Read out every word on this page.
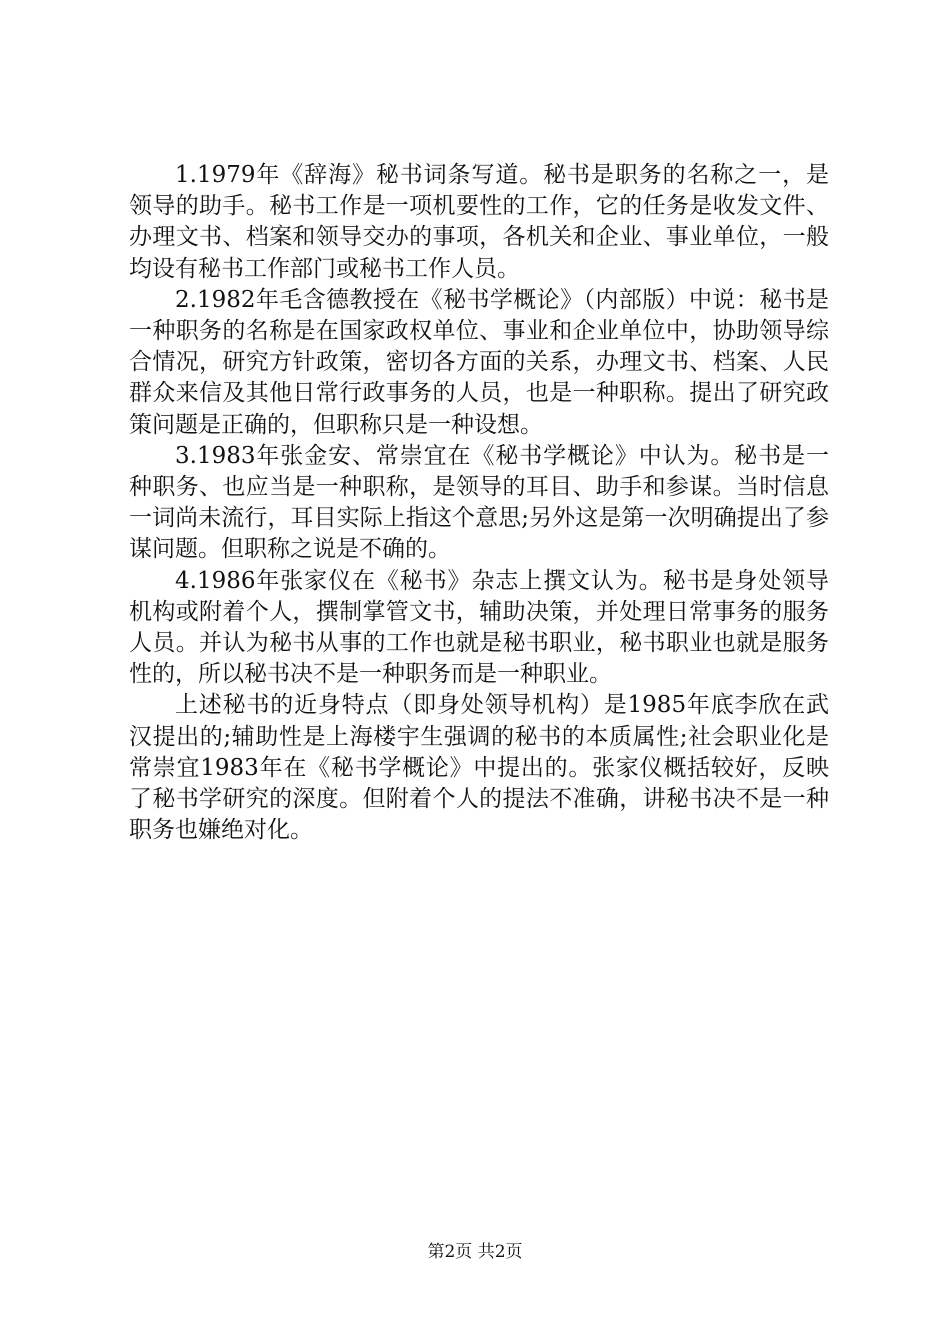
1.1979年《辞海》秘书词条写道。秘书是职务的名称之一，是领导的助手。秘书工作是一项机要性的工作，它的任务是收发文件、办理文书、档案和领导交办的事项，各机关和企业、事业单位，一般均设有秘书工作部门或秘书工作人员。

2.1982年毛含德教授在《秘书学概论》（内部版）中说：秘书是一种职务的名称是在国家政权单位、事业和企业单位中，协助领导综合情况，研究方针政策，密切各方面的关系，办理文书、档案、人民群众来信及其他日常行政事务的人员，也是一种职称。提出了研究政策问题是正确的，但职称只是一种设想。

3.1983年张金安、常崇宜在《秘书学概论》中认为。秘书是一种职务、也应当是一种职称，是领导的耳目、助手和参谋。当时信息一词尚未流行，耳目实际上指这个意思;另外这是第一次明确提出了参谋问题。但职称之说是不确的。

4.1986年张家仪在《秘书》杂志上撰文认为。秘书是身处领导机构或附着个人，撰制掌管文书，辅助决策，并处理日常事务的服务人员。并认为秘书从事的工作也就是秘书职业，秘书职业也就是服务性的，所以秘书决不是一种职务而是一种职业。

上述秘书的近身特点（即身处领导机构）是1985年底李欣在武汉提出的;辅助性是上海楼宇生强调的秘书的本质属性;社会职业化是常崇宜1983年在《秘书学概论》中提出的。张家仪概括较好，反映了秘书学研究的深度。但附着个人的提法不准确，讲秘书决不是一种职务也嫌绝对化。

第2页 共2页
